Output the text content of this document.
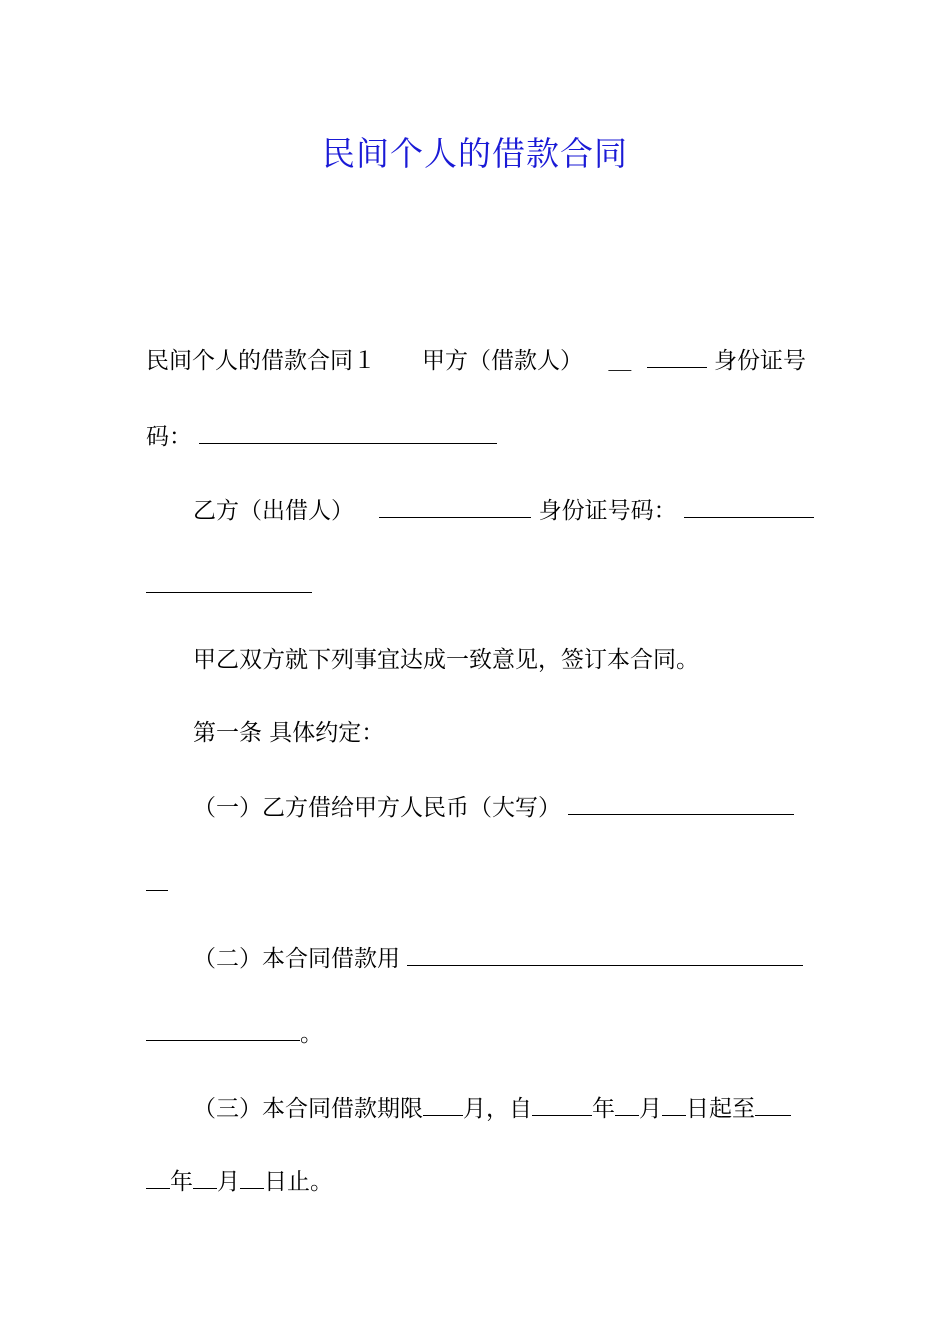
民间个人的借款合同
民间个人的借款合同１　　甲方（借款人） ＿	身份证号
码：
乙方（出借人）	身份证号码：
甲乙双方就下列事宜达成一致意见，签订本合同。
第一条 具体约定：
（一）乙方借给甲方人民币（大写）
（二）本合同借款用
。
（三）本合同借款期限 月，自	年 月 日起至
年 月 日止。
